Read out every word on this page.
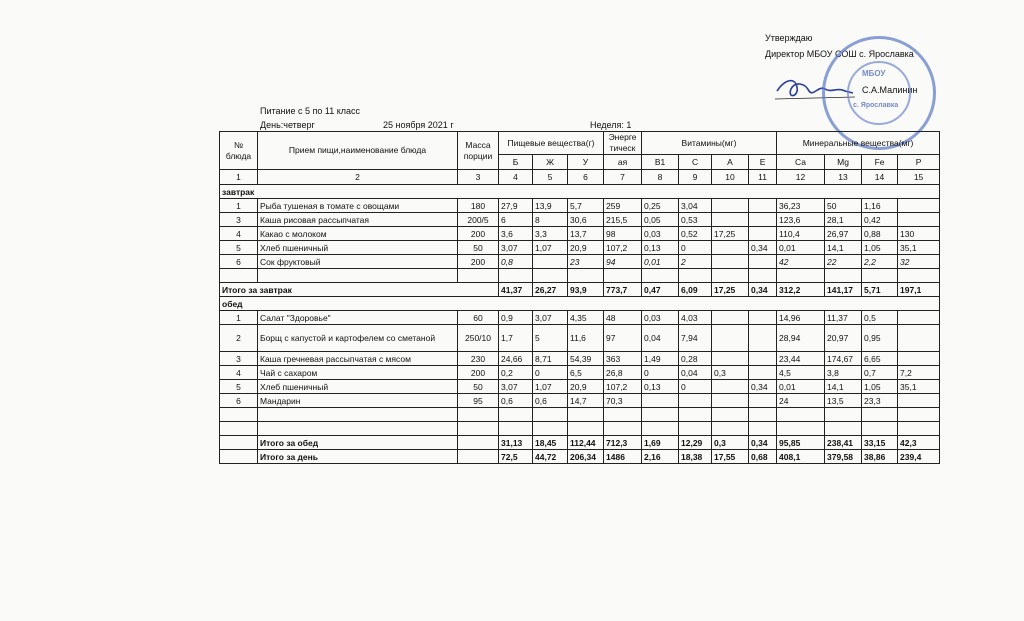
Утверждаю
Директор МБОУ СОШ с. Ярославка
С.А.Малинин
МБОУ
с. Ярославка
Питание с 5 по 11 класс
День:четверг	25 ноября 2021 г	Неделя: 1
№ блюда	Прием пищи,наименование блюда	Масса порции	Пищевые вещества(г)			Энерге тическ	Витамины(мг)				Минеральные вещества(мг)			
			Б	Ж	У	ая	В1	С	А	Е	Са	Mg	Fe	Р
1	2	3	4	5	6	7	8	9	10	11	12	13	14	15
завтрак														
1	Рыба тушеная в томате с овощами	180	27,9	13,9	5,7	259	0,25	3,04			36,23	50	1,16	
3	Каша рисовая рассыпчатая	200/5	6	8	30,6	215,5	0,05	0,53			123,6	28,1	0,42	
4	Какао с молоком	200	3,6	3,3	13,7	98	0,03	0,52	17,25		110,4	26,97	0,88	130
5	Хлеб пшеничный	50	3,07	1,07	20,9	107,2	0,13	0		0,34	0,01	14,1	1,05	35,1
6	Сок фруктовый	200	0,8		23	94	0,01	2			42	22	2,2	32

Итого за завтрак			41,37	26,27	93,9	773,7	0,47	6,09	17,25	0,34	312,2	141,17	5,71	197,1
обед														
1	Салат "Здоровье"	60	0,9	3,07	4,35	48	0,03	4,03			14,96	11,37	0,5	
2	Борщ с капустой и картофелем со сметаной	250/10	1,7	5	11,6	97	0,04	7,94			28,94	20,97	0,95	
3	Каша гречневая рассыпчатая с мясом	230	24,66	8,71	54,39	363	1,49	0,28			23,44	174,67	6,65	
4	Чай с сахаром	200	0,2	0	6,5	26,8	0	0,04	0,3		4,5	3,8	0,7	7,2
5	Хлеб пшеничный	50	3,07	1,07	20,9	107,2	0,13	0		0,34	0,01	14,1	1,05	35,1
6	Мандарин	95	0,6	0,6	14,7	70,3					24	13,5	23,3	

	Итого за обед		31,13	18,45	112,44	712,3	1,69	12,29	0,3	0,34	95,85	238,41	33,15	42,3
	Итого за день		72,5	44,72	206,34	1486	2,16	18,38	17,55	0,68	408,1	379,58	38,86	239,4
